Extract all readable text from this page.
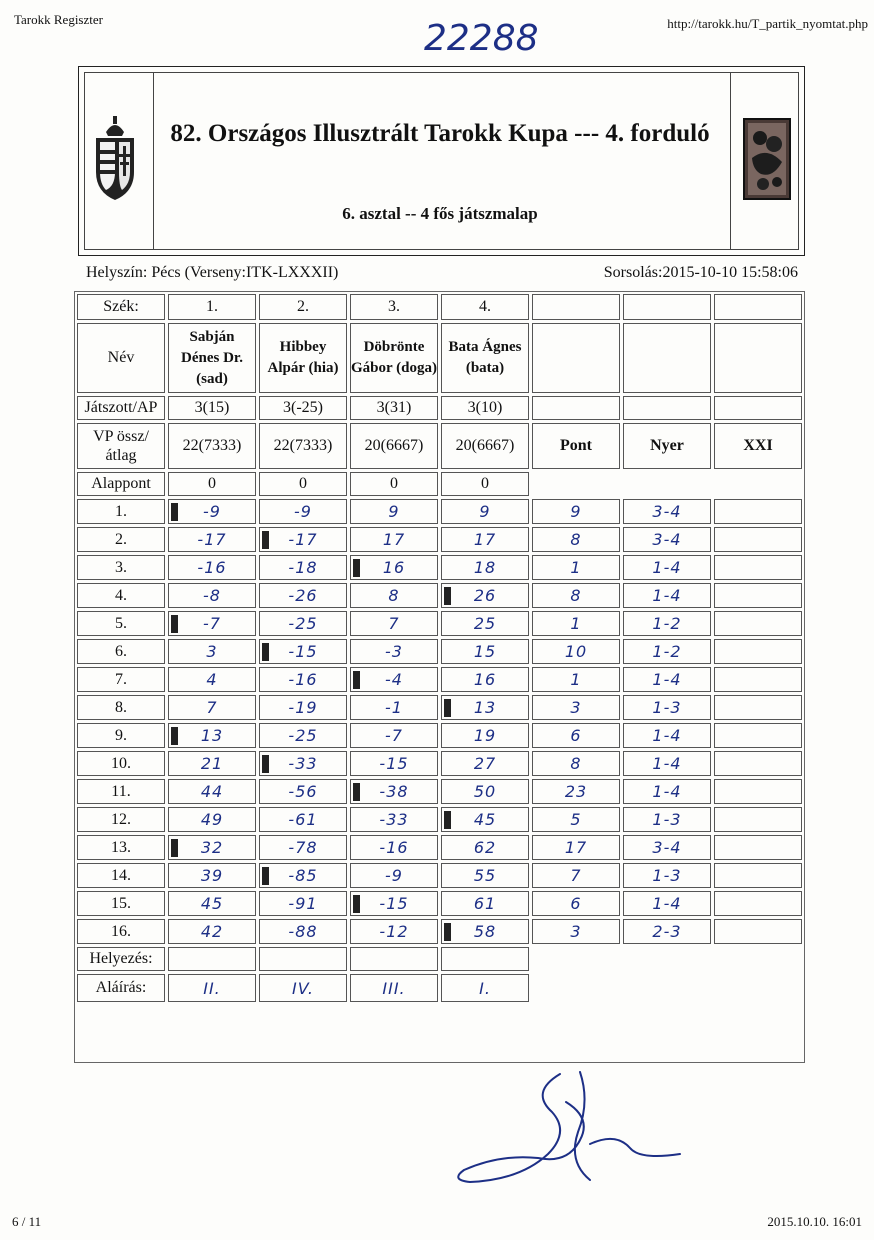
Tarokk Regiszter	http://tarokk.hu/T_partik_nyomtat.php
22288
82. Országos Illusztrált Tarokk Kupa --- 4. forduló
6. asztal -- 4 fős játszmalap
Helyszín: Pécs (Verseny:ITK-LXXXII)	Sorsolás:2015-10-10 15:58:06
Szék:	1.	2.	3.	4.			
Név	Sabján Dénes Dr. (sad)	Hibbey Alpár (hia)	Döbrönte Gábor (doga)	Bata Ágnes (bata)			
Játszott/AP	3(15)	3(-25)	3(31)	3(10)			
VP össz/átlag	22(7333)	22(7333)	20(6667)	20(6667)	Pont	Nyer	XXI
Alappont	0	0	0	0			
1.	-9	-9	9	9	9	3-4	
2.	-17	-17	17	17	8	3-4	
3.	-16	-18	16	18	1	1-4	
4.	-8	-26	8	26	8	1-4	
5.	-7	-25	7	25	1	1-2	
6.	3	-15	-3	15	10	1-2	
7.	4	-16	-4	16	1	1-4	
8.	7	-19	-1	13	3	1-3	
9.	13	-25	-7	19	6	1-4	
10.	21	-33	-15	27	8	1-4	
11.	44	-56	-38	50	23	1-4	
12.	49	-61	-33	45	5	1-3	
13.	32	-78	-16	62	17	3-4	
14.	39	-85	-9	55	7	1-3	
15.	45	-91	-15	61	6	1-4	
16.	42	-88	-12	58	3	2-3	
Helyezés:							
Aláírás:	II.	IV.	III.	I.			
6 / 11	2015.10.10. 16:01
